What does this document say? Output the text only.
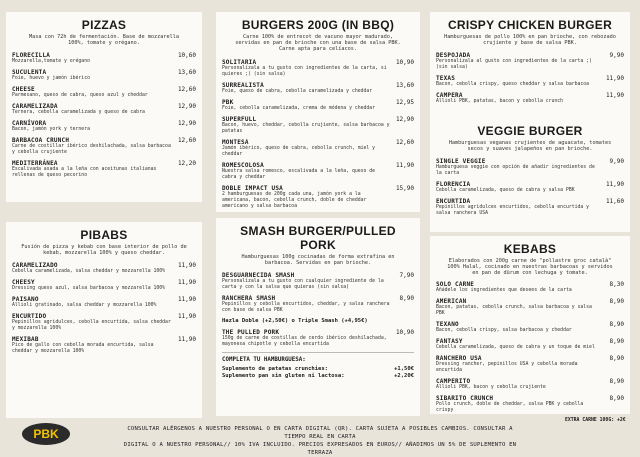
PIZZAS
Masa con 72h de fermentación. Base de mozzarella 100%, tomate y orégano.
FLORECILLA	10,60
Mozzarella,tomate y orégano
SUCULENTA	13,60
Foie, huevo y jamón ibérico
CHEESE	12,60
Parmesano, queso de cabra, queso azul y cheddar
CARAMELIZADA	12,90
Ternera, cebolla caramelizada y queso de cabra
CARNÍVORA	12,90
Bacon, jamón york y ternera
BARBACOA CRUNCH	12,60
Carne de costillar ibérico deshilachada, salsa barbacoa y cebolla crujiente
MEDITERRÁNEA	12,20
Escalivada asada a la leña con aceitunas italianas rellenas de queso pecorino
PIBABS
Fusión de pizza y kebab con base interior de pollo de kebab, mozzarella 100% y queso cheddar.
CARAMELIZADO	11,90
Cebolla caramelizada, salsa cheddar y mozzarella 100%
CHEESY	11,90
Dressing queso azul, salsa barbacoa y mozzarella 100%
PAISANO	11,90
Allioli gratinado, salsa cheddar y mozzarella 100%
ENCURTIDO	11,90
Pepinillos agridulces, cebolla encurtida, salsa cheddar y mozzarella 100%
MEXIBAB	11,90
Pico de gallo con cebolla morada encurtida, salsa cheddar y mozzarella 100%
BURGERS 200G (IN BBQ)
Carne 100% de entrecot de vacuno mayor madurado, servidas en pan de brioche con una base de salsa PBK. Carne apta para celíacos.
SOLITARIA	10,90
Personalízala a tu gusto con ingredientes de la carta, si quieres ;) (sin salsa)
SURREALISTA	13,60
Foie, queso de cabra, cebolla caramelizada y cheddar
PBK	12,95
Foie, cebolla caramelizada, crema de módena y cheddar
SUPERFULL	12,90
Bacon, huevo, cheddar, cebolla crujiente, salsa barbacoa y patatas
MONTESA	12,60
Jamón ibérico, queso de cabra, cebolla crunch, miel y cheddar
ROMESCOLOSA	11,90
Nuestra salsa romesco, escalivada a la leña, queso de cabra y cheddar
DOBLE IMPACT USA	15,90
2 hamburguesas de 200g cada una, jamón york a la americana, bacon, cebolla crunch, doble de cheddar americano y salsa barbacoa
SMASH BURGER/PULLED PORK
Hamburguesas 100g cocinadas de forma extrafina en barbacoa. Servidas en pan brioche.
DESGUARNECIDA SMASH	7,90
Personalízala a tu gusto con cualquier ingrediente de la carta y con la salsa que quieras (sin salsa)
RANCHERA SMASH	8,90
Pepinillos y cebolla encurtidos, cheddar, y salsa ranchera con base de salsa PBK
Hazla Doble (+2,50€) o Triple Smash (+4,95€)
THE PULLED PORK	10,90
150g de carne de costillas de cerdo ibérico deshilachada, mayonesa chipotle y cebolla encurtida
COMPLETA TU HAMBURGUESA:
Suplemento de patatas crunchies:	+1,50€
Suplemento pan sin gluten ni lactosa:	+2,20€
CRISPY CHICKEN BURGER
Hamburguesas de pollo 100% en pan brioche, con rebozado crujiente y base de salsa PBK.
DESPOJADA	9,90
Personalízala al gusto con ingredientes de la carta ;) (sin salsa)
TEXAS	11,90
Bacon, cebolla crispy, queso cheddar y salsa barbacoa
CAMPERA	11,90
Allioli PBK, patatas, bacon y cebolla crunch
VEGGIE BURGER
Hamburguesas veganas crujientes de aguacate, tomates secos y suaves jalapeños en pan brioche.
SINGLE VEGGIE	9,90
Hamburguesa veggie con opción de añadir ingredientes de la carta
FLORENCIA	11,90
Cebolla caramelizada, queso de cabra y salsa PBK
ENCURTIDA	11,60
Pepinillos agridulces encurtidos, cebolla encurtida y salsa ranchera USA
KEBABS
Elaborados con 200g carne de "pollastre groc català" 100% Halal, cocinado en nuestras barbacoas y servidos en pan de dürum con lechuga y tomate.
SOLO CARNE	8,30
Añádele los ingredientes que desees de la carta
AMERICAN	8,90
Bacon, patatas, cebolla crunch, salsa barbacoa y salsa PBK
TEXANO	8,90
Bacon, cebolla crispy, salsa barbacoa y cheddar
FANTASY	8,90
Cebolla caramelizada, queso de cabra y un toque de miel
RANCHERO USA	8,90
Dressing rancher, pepinillos USA y cebolla morada encurtida
CAMPERITO	8,90
Allioli PBK, bacon y cebolla crujiente
SIBARITO CRUNCH	8,90
Pollo crunch, doble de cheddar, salsa PBK y cebolla crispy
EXTRA CARNE 100G: +2€
PBK	CONSULTAR ALÉRGENOS A NUESTRO PERSONAL O EN CARTA DIGITAL (QR). CARTA SUJETA A POSIBLES CAMBIOS. CONSULTAR A TIEMPO REAL EN CARTA
DIGITAL O A NUESTRO PERSONAL// 10% IVA INCLUIDO. PRECIOS EXPRESADOS EN EUROS// AÑADIMOS UN 5% DE SUPLEMENTO EN TERRAZA
